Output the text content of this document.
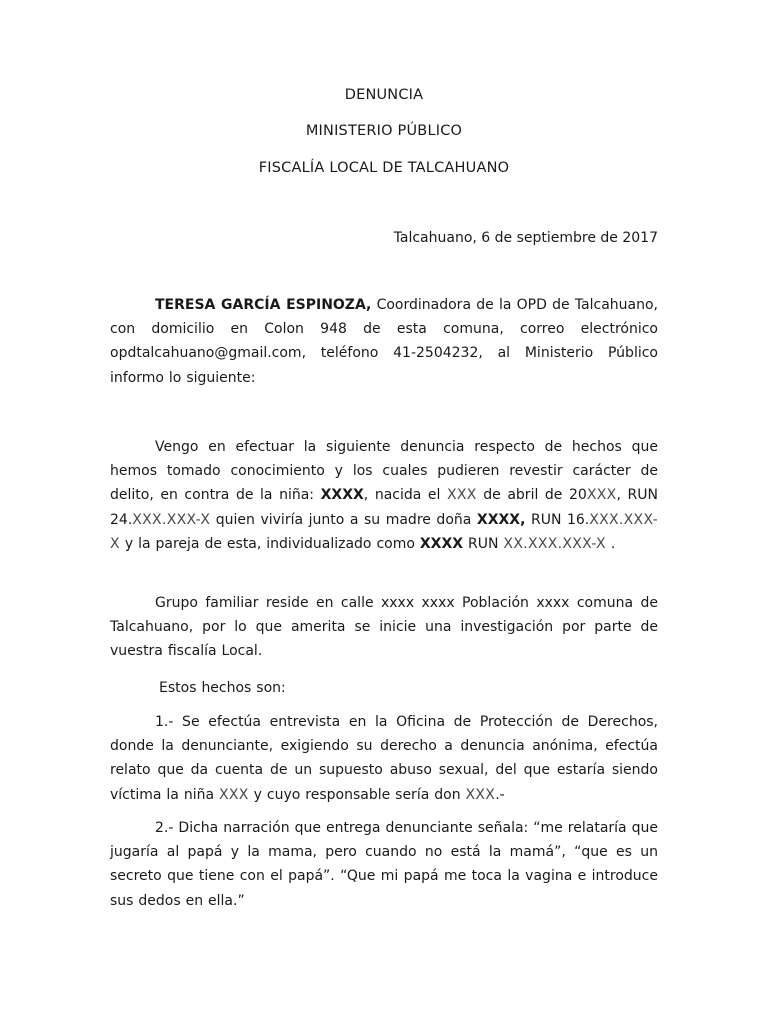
DENUNCIA
MINISTERIO PÚBLICO
FISCALÍA LOCAL DE TALCAHUANO
Talcahuano, 6 de septiembre de 2017

TERESA GARCÍA ESPINOZA, Coordinadora de la OPD de Talcahuano, con domicilio en Colon 948 de esta comuna, correo electrónico opdtalcahuano@gmail.com, teléfono 41-2504232, al Ministerio Público informo lo siguiente:

Vengo en efectuar la siguiente denuncia respecto de hechos que hemos tomado conocimiento y los cuales pudieren revestir carácter de delito, en contra de la niña: XXXX, nacida el XXX de abril de 20XXX, RUN 24.XXX.XXX-X quien viviría junto a su madre doña XXXX, RUN 16.XXX.XXX-X y la pareja de esta, individualizado como XXXX RUN XX.XXX.XXX-X .

Grupo familiar reside en calle xxxx xxxx Población xxxx comuna de Talcahuano, por lo que amerita se inicie una investigación por parte de vuestra fiscalía Local.

Estos hechos son:

1.- Se efectúa entrevista en la Oficina de Protección de Derechos, donde la denunciante, exigiendo su derecho a denuncia anónima, efectúa relato que da cuenta de un supuesto abuso sexual, del que estaría siendo víctima la niña XXX y cuyo responsable sería don XXX.-

2.- Dicha narración que entrega denunciante señala: “me relataría que jugaría al papá y la mama, pero cuando no está la mamá”, “que es un secreto que tiene con el papá”. “Que mi papá me toca la vagina e introduce sus dedos en ella.”
